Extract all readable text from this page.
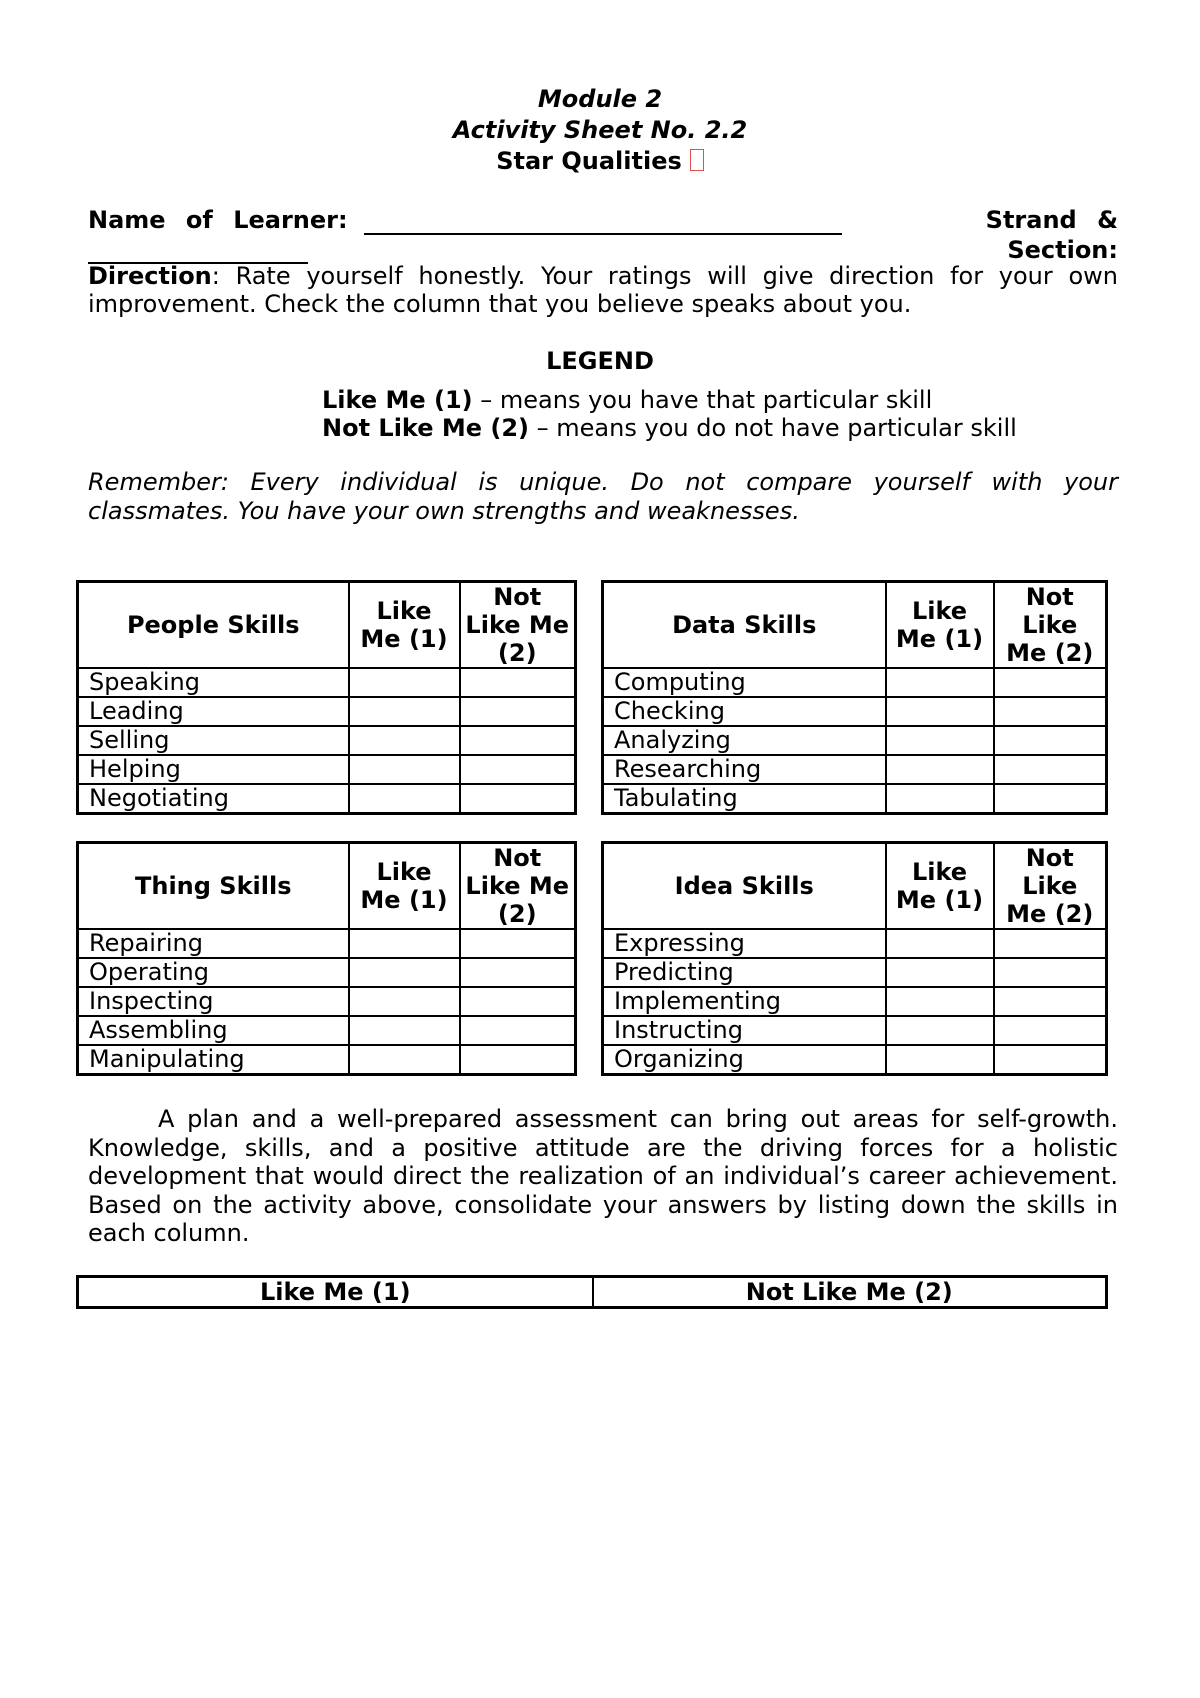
Module 2
Activity Sheet No. 2.2
Star Qualities
Name of Learner:	Strand & Section:
Direction: Rate yourself honestly. Your ratings will give direction for your own improvement. Check the column that you believe speaks about you.
LEGEND
Like Me (1) – means you have that particular skill
Not Like Me (2) – means you do not have particular skill
Remember: Every individual is unique. Do not compare yourself with your classmates. You have your own strengths and weaknesses.
People Skills	Like Me (1)	Not Like Me (2)
Speaking		
Leading		
Selling		
Helping		
Negotiating		
Data Skills	Like Me (1)	Not Like Me (2)
Computing		
Checking		
Analyzing		
Researching		
Tabulating		
Thing Skills	Like Me (1)	Not Like Me (2)
Repairing		
Operating		
Inspecting		
Assembling		
Manipulating		
Idea Skills	Like Me (1)	Not Like Me (2)
Expressing		
Predicting		
Implementing		
Instructing		
Organizing		
A plan and a well-prepared assessment can bring out areas for self-growth. Knowledge, skills, and a positive attitude are the driving forces for a holistic development that would direct the realization of an individual’s career achievement. Based on the activity above, consolidate your answers by listing down the skills in each column.
Like Me (1)	Not Like Me (2)
